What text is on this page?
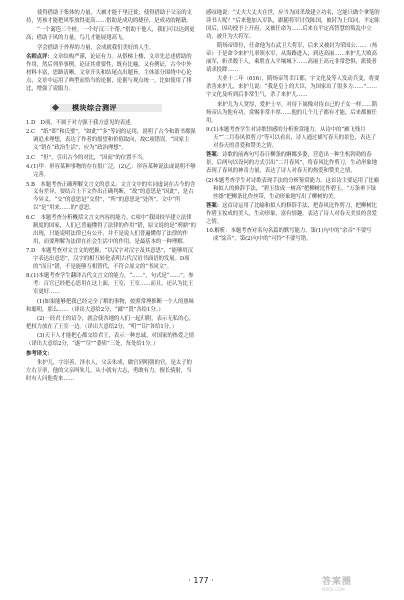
使得借助于集体的力量，大雁才能千里迁徙；使得借助于父亲的支持，男孩才能把风筝放得更高……借助是成功的捷径，是成功的秘籍。

“一个篱笆三个桩，一个好汉三个帮。”借助于他人，我们可以达到更高；借助于风的力量，鸟儿才能展翅高飞。

学会借助于外界的力量，会成就我们美好的人生。

名师点评：文章结构严谨，论证有力。从借梯上楼，文章先总述借助的作用，然后列举事例，论证其重要性，既有比喻，又有例证，古今中外材料丰富，思路清晰。文章开头和结尾点出题旨，主体部分围绕中心论点，文章中运用了典型而恰当的论据，论据与观点统一，比如使用了排比，增强了说服力。

模块综合测评

1.D　D项，不属于对方强于我方意见的表述。

2.C　“纸”即“和氏璧”，“如此”“多”等词的运用，说明了古今和谐书都强调追求理想，表达了作者的愿望和价值取向，故C项错误。“国家主义”错在“政治生活”，应为“政治理想”。

3.C　“但”，引出古今的对比，“因而”的位置不当。

4.(1)甲：形容某种事物的存在很广泛。(2)乙：形容某种说法或说明不够完善。

5.B　本题考查正确理解文言文的意义。文言文中的实词虚词在古今的含义有差异，要结合上下文作出正确判断，“故”的意思是“因此”，是古今异义，“交”的意思是“交替”，“所”的意思是“处所”，文中“所以”是“用来……的”意思。

6.C　本题考查分析概括文言文内容的能力。C项中“我国较早建立法律制度的国家，人们已普遍懂得了法律的作用”错，原文说的是“刑鼎”的出现，只能说明法律已有公开，并不是说人们普遍懂得了法律的作用，而要理解为法律在社会生活中的作用，是最基本的一种理解。

7.D　本题考查对文言文的把握，“以汉字对汉字及其意思”，“能够用汉字表达出意思”，汉字的相互转化表明古代汉语书面语的发展。D项的“而且”错，不是能够互相替代，不符合原文的“书同文”。

8.(1)本题考查学生翻译古代文言文的能力，“……”，句式是“……”。参考：百官已经把心思用在这上面，王室，王室……而且，还认为比王室更好……

(1)如果能够把我已经完全了解的事物，按照常理推断一个人的愚昧和聪明，那么……（译出大意给2分，“鄙”“贤”各给1分。）

(2)一经君王的诏令，就会使各地的人们一起归附，表示无私的心，把权力放在了王室一边。（译出大意给2分，“明”“诏”各给1分。）

(3)天下人才能把心都交给君王，表示一种忠诚、对国家的热爱之情（译出大意给2分，“遂”“尽”“委质”三处，每处给1分。）

参考译文：

朱护儿，字崇善，泽水人，父亲朱成，做官到明朝的官，是太子的左右卫率，他的父亲叫朱儿，从小就有大志，勇敢有力，擅长骑射，当时有人问他将来……

感叹地说：“丈夫大丈夫在世，应当为国杀敌建立功名，岂能只做个拿笔的读书人呢？”后来他加入军队，跟随将军讨伐陈国，被封为上仪同，平定陈国后，因功授予上开府，又被任命为……后来在平定高智慧的叛乱中立功，被升为大将军。

隋炀帝即位，任命他为右武卫大将军，后来又被封为荣国公……（炀帝）于是命令来护儿率领水军，从海路进入，到达高丽……来护儿大败高丽军，斩杀数千人，乘胜直入平壤城下……高丽王高元非常恐惧，派使者请求投降……

大业十二年（616），隋炀帝驾幸江都，宇文化及等人发动兵变，将要杀害来护儿，来护儿说：“我是皇上的大臣，为国家出了很多力……”……宇文化及听到后非常生气，杀了来护儿……

来护儿为人宽厚，爱护士卒，对待下属像对待自己的子女一样……隋炀帝认为他有功，赏赐非常丰厚……他的几个儿子都有才能，后来都被任用。

9.(1)本题考查学生对诗歌情感的分析鉴赏能力。从诗中的“雁飞残月天”“二月春风似剪刀”等可以看出，诗人通过描写春天的景色，表达了对春天的喜爱和赞美之情。

答案：诗歌的前两句写春日柳条的婀娜多姿，营造出一种生机勃勃的春景，后两句以设问的方式引出“二月春风”，将春风比作剪刀，生动形象地表现了春风的神奇力量，表达了诗人对春天的热爱和赞美之情。

(2)本题考查学生对诗歌表现手法的分析鉴赏能力。这首诗主要运用了比喻和拟人的修辞手法，“碧玉妆成一树高”把柳树比作碧玉，“万条垂下绿丝绦”把柳条比作丝带，生动形象地写出了柳树的美。

答案：这首诗运用了比喻和拟人的修辞手法，把春风比作剪刀，把柳树比作碧玉妆成的美人，生动形象，富有情趣，表达了诗人对春天美景的喜爱之情。

10.解析：本题考查对名句名篇的默写能力。第(1)句中的“余音”不要写成“馀音”，第(2)句中的“可怜”不要写错。

· 177 ·	答案圈
MXQE.COM
